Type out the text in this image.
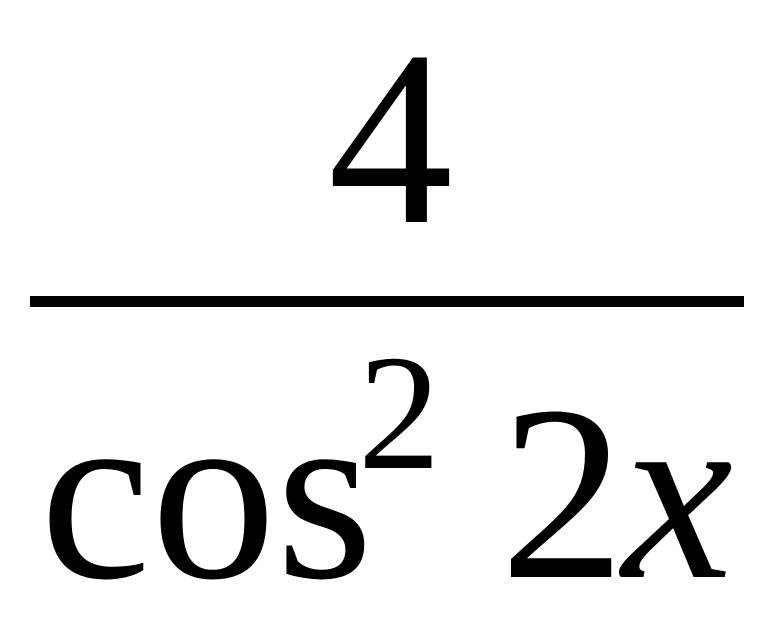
4
cos
2 2
x
